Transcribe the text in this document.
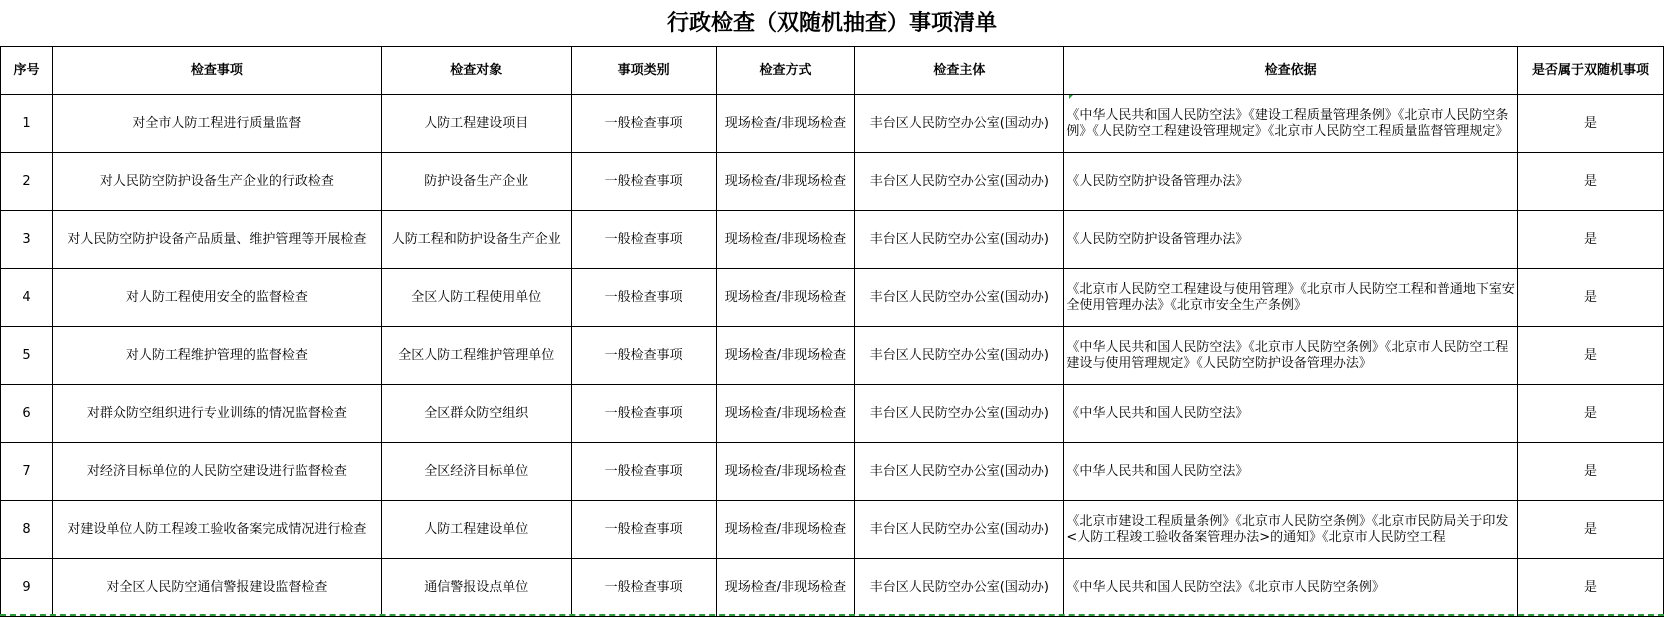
行政检查（双随机抽查）事项清单
序号	检查事项	检查对象	事项类别	检查方式	检查主体	检查依据	是否属于双随机事项
1	对全市人防工程进行质量监督	人防工程建设项目	一般检查事项	现场检查/非现场检查	丰台区人民防空办公室(国动办)	《中华人民共和国人民防空法》《建设工程质量管理条例》《北京市人民防空条例》《人民防空工程建设管理规定》《北京市人民防空工程质量监督管理规定》	是
2	对人民防空防护设备生产企业的行政检查	防护设备生产企业	一般检查事项	现场检查/非现场检查	丰台区人民防空办公室(国动办)	《人民防空防护设备管理办法》	是
3	对人民防空防护设备产品质量、维护管理等开展检查	人防工程和防护设备生产企业	一般检查事项	现场检查/非现场检查	丰台区人民防空办公室(国动办)	《人民防空防护设备管理办法》	是
4	对人防工程使用安全的监督检查	全区人防工程使用单位	一般检查事项	现场检查/非现场检查	丰台区人民防空办公室(国动办)	《北京市人民防空工程建设与使用管理》《北京市人民防空工程和普通地下室安全使用管理办法》《北京市安全生产条例》	是
5	对人防工程维护管理的监督检查	全区人防工程维护管理单位	一般检查事项	现场检查/非现场检查	丰台区人民防空办公室(国动办)	《中华人民共和国人民防空法》《北京市人民防空条例》《北京市人民防空工程建设与使用管理规定》《人民防空防护设备管理办法》	是
6	对群众防空组织进行专业训练的情况监督检查	全区群众防空组织	一般检查事项	现场检查/非现场检查	丰台区人民防空办公室(国动办)	《中华人民共和国人民防空法》	是
7	对经济目标单位的人民防空建设进行监督检查	全区经济目标单位	一般检查事项	现场检查/非现场检查	丰台区人民防空办公室(国动办)	《中华人民共和国人民防空法》	是
8	对建设单位人防工程竣工验收备案完成情况进行检查	人防工程建设单位	一般检查事项	现场检查/非现场检查	丰台区人民防空办公室(国动办)	《北京市建设工程质量条例》《北京市人民防空条例》《北京市民防局关于印发<人防工程竣工验收备案管理办法>的通知》《北京市人民防空工程	是
9	对全区人民防空通信警报建设监督检查	通信警报设点单位	一般检查事项	现场检查/非现场检查	丰台区人民防空办公室(国动办)	《中华人民共和国人民防空法》《北京市人民防空条例》	是
